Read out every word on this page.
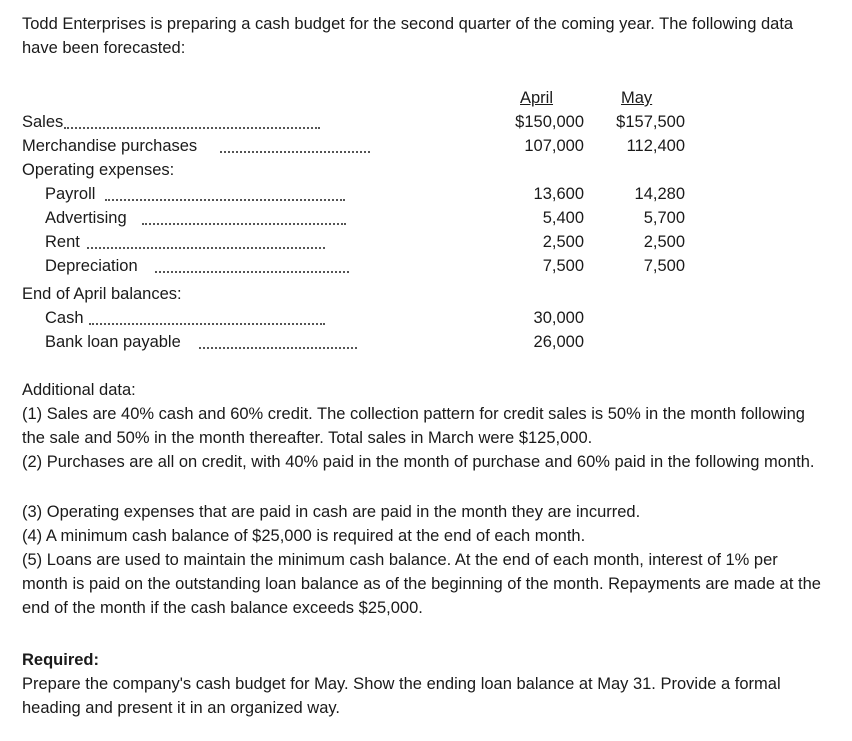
Todd Enterprises is preparing a cash budget for the second quarter of the coming year. The following data have been forecasted:

April	May
Sales	$150,000	$157,500
Merchandise purchases	107,000	112,400
Operating expenses:
Payroll	13,600	14,280
Advertising	5,400	5,700
Rent	2,500	2,500
Depreciation	7,500	7,500
End of April balances:
Cash	30,000
Bank loan payable	26,000

Additional data:

(1) Sales are 40% cash and 60% credit. The collection pattern for credit sales is 50% in the month following the sale and 50% in the month thereafter. Total sales in March were $125,000.

(2) Purchases are all on credit, with 40% paid in the month of purchase and 60% paid in the following month.

(3) Operating expenses that are paid in cash are paid in the month they are incurred.

(4) A minimum cash balance of $25,000 is required at the end of each month.

(5) Loans are used to maintain the minimum cash balance. At the end of each month, interest of 1% per month is paid on the outstanding loan balance as of the beginning of the month. Repayments are made at the end of the month if the cash balance exceeds $25,000.

Required:

Prepare the company's cash budget for May. Show the ending loan balance at May 31. Provide a formal heading and present it in an organized way.
